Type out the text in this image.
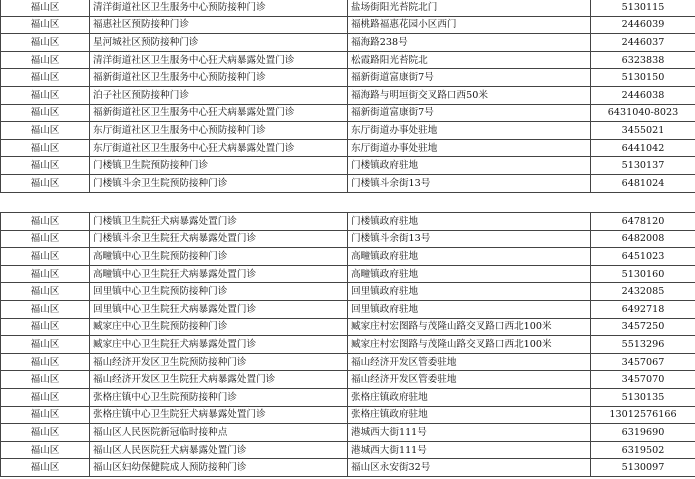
福山区	清洋街道社区卫生服务中心预防接种门诊	盐场街阳光苔院北门	5130115
福山区	福惠社区预防接种门诊	福桃路福惠花园小区西门	2446039
福山区	星河城社区预防接种门诊	福海路238号	2446037
福山区	清洋街道社区卫生服务中心狂犬病暴露处置门诊	松霞路阳光苔院北	6323838
福山区	福新街道社区卫生服务中心预防接种门诊	福新街道富康街7号	5130150
福山区	泊子社区预防接种门诊	福海路与明垣街交叉路口西50米	2446038
福山区	福新街道社区卫生服务中心狂犬病暴露处置门诊	福新街道富康街7号	6431040-8023
福山区	东厅街道社区卫生服务中心预防接种门诊	东厅街道办事处驻地	3455021
福山区	东厅街道社区卫生服务中心狂犬病暴露处置门诊	东厅街道办事处驻地	6441042
福山区	门楼镇卫生院预防接种门诊	门楼镇政府驻地	5130137
福山区	门楼镇斗余卫生院预防接种门诊	门楼镇斗余街13号	6481024
福山区	门楼镇卫生院狂犬病暴露处置门诊	门楼镇政府驻地	6478120
福山区	门楼镇斗余卫生院狂犬病暴露处置门诊	门楼镇斗余街13号	6482008
福山区	高疃镇中心卫生院预防接种门诊	高疃镇政府驻地	6451023
福山区	高疃镇中心卫生院狂犬病暴露处置门诊	高疃镇政府驻地	5130160
福山区	回里镇中心卫生院预防接种门诊	回里镇政府驻地	2432085
福山区	回里镇中心卫生院狂犬病暴露处置门诊	回里镇政府驻地	6492718
福山区	臧家庄中心卫生院预防接种门诊	臧家庄村宏图路与茂隆山路交叉路口西北100米	3457250
福山区	臧家庄中心卫生院狂犬病暴露处置门诊	臧家庄村宏图路与茂隆山路交叉路口西北100米	5513296
福山区	福山经济开发区卫生院预防接种门诊	福山经济开发区管委驻地	3457067
福山区	福山经济开发区卫生院狂犬病暴露处置门诊	福山经济开发区管委驻地	3457070
福山区	张格庄镇中心卫生院预防接种门诊	张格庄镇政府驻地	5130135
福山区	张格庄镇中心卫生院狂犬病暴露处置门诊	张格庄镇政府驻地	13012576166
福山区	福山区人民医院新冠临时接种点	港城西大街111号	6319690
福山区	福山区人民医院狂犬病暴露处置门诊	港城西大街111号	6319502
福山区	福山区妇幼保健院成人预防接种门诊	福山区永安街32号	5130097
